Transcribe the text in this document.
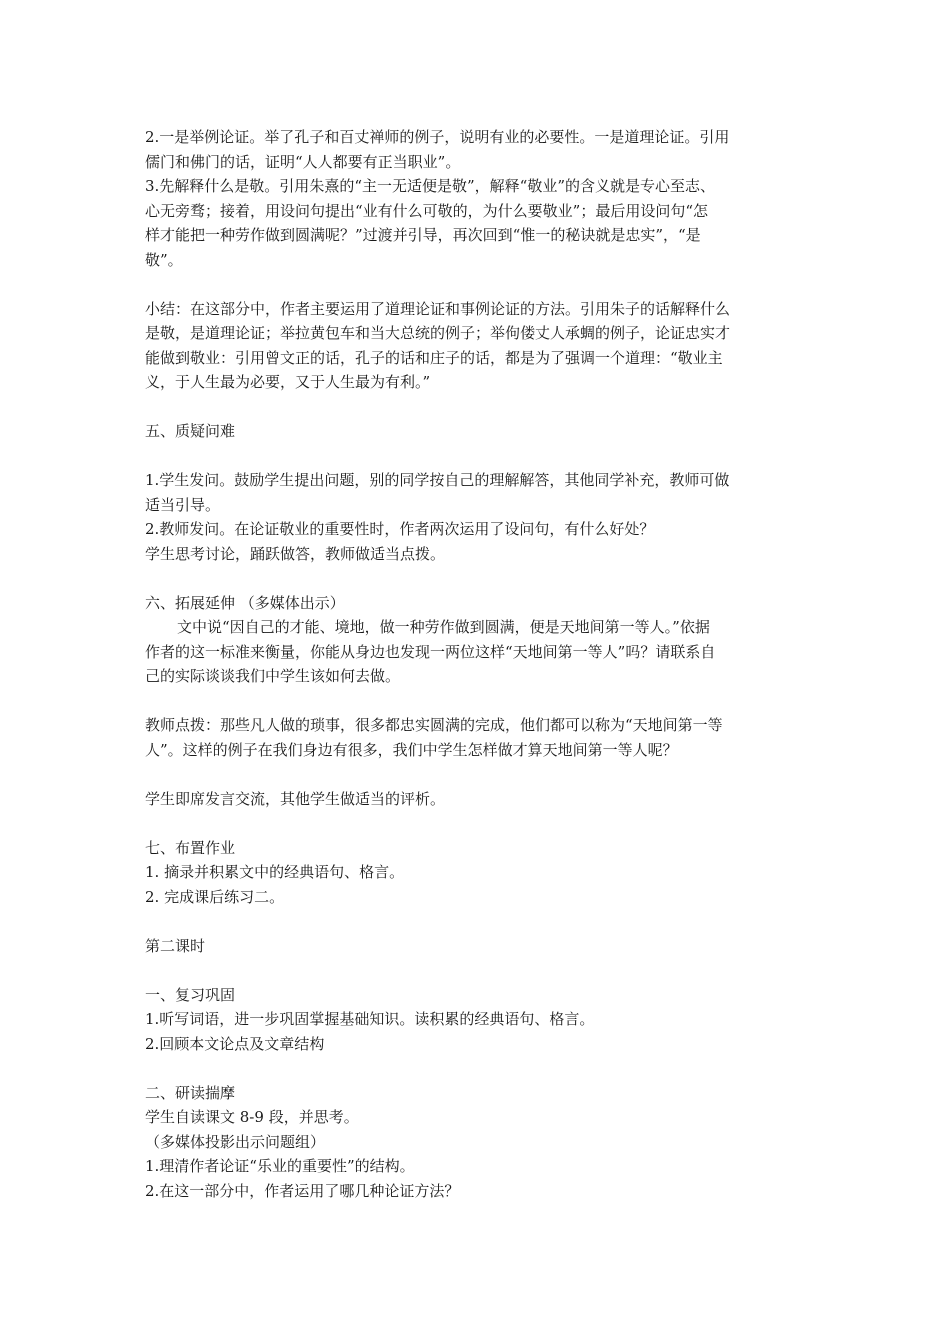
2.一是举例论证。举了孔子和百丈禅师的例子，说明有业的必要性。一是道理论证。引用
儒门和佛门的话，证明“人人都要有正当职业”。
3.先解释什么是敬。引用朱熹的“主一无适便是敬”，解释“敬业”的含义就是专心至志、
心无旁骛；接着，用设问句提出“业有什么可敬的，为什么要敬业”；最后用设问句“怎
样才能把一种劳作做到圆满呢？”过渡并引导，再次回到“惟一的秘诀就是忠实”，“是
敬”。
小结：在这部分中，作者主要运用了道理论证和事例论证的方法。引用朱子的话解释什么
是敬，是道理论证；举拉黄包车和当大总统的例子；举佝偻丈人承蜩的例子，论证忠实才
能做到敬业：引用曾文正的话，孔子的话和庄子的话，都是为了强调一个道理：“敬业主
义，于人生最为必要，又于人生最为有利。”
五、质疑问难
1.学生发问。鼓励学生提出问题，别的同学按自己的理解解答，其他同学补充，教师可做
适当引导。
2.教师发问。在论证敬业的重要性时，作者两次运用了设问句，有什么好处？
学生思考讨论，踊跃做答，教师做适当点拨。
六、拓展延伸 （多媒体出示）
文中说“因自己的才能、境地，做一种劳作做到圆满，便是天地间第一等人。”依据
作者的这一标准来衡量，你能从身边也发现一两位这样“天地间第一等人”吗？请联系自
己的实际谈谈我们中学生该如何去做。
教师点拨：那些凡人做的琐事，很多都忠实圆满的完成，他们都可以称为“天地间第一等
人”。这样的例子在我们身边有很多，我们中学生怎样做才算天地间第一等人呢？
学生即席发言交流，其他学生做适当的评析。
七、布置作业
1. 摘录并积累文中的经典语句、格言。
2. 完成课后练习二。
第二课时
一、复习巩固
1.听写词语，进一步巩固掌握基础知识。读积累的经典语句、格言。
2.回顾本文论点及文章结构
二、研读揣摩
学生自读课文 8-9 段，并思考。
（多媒体投影出示问题组）
1.理清作者论证“乐业的重要性”的结构。
2.在这一部分中，作者运用了哪几种论证方法？
